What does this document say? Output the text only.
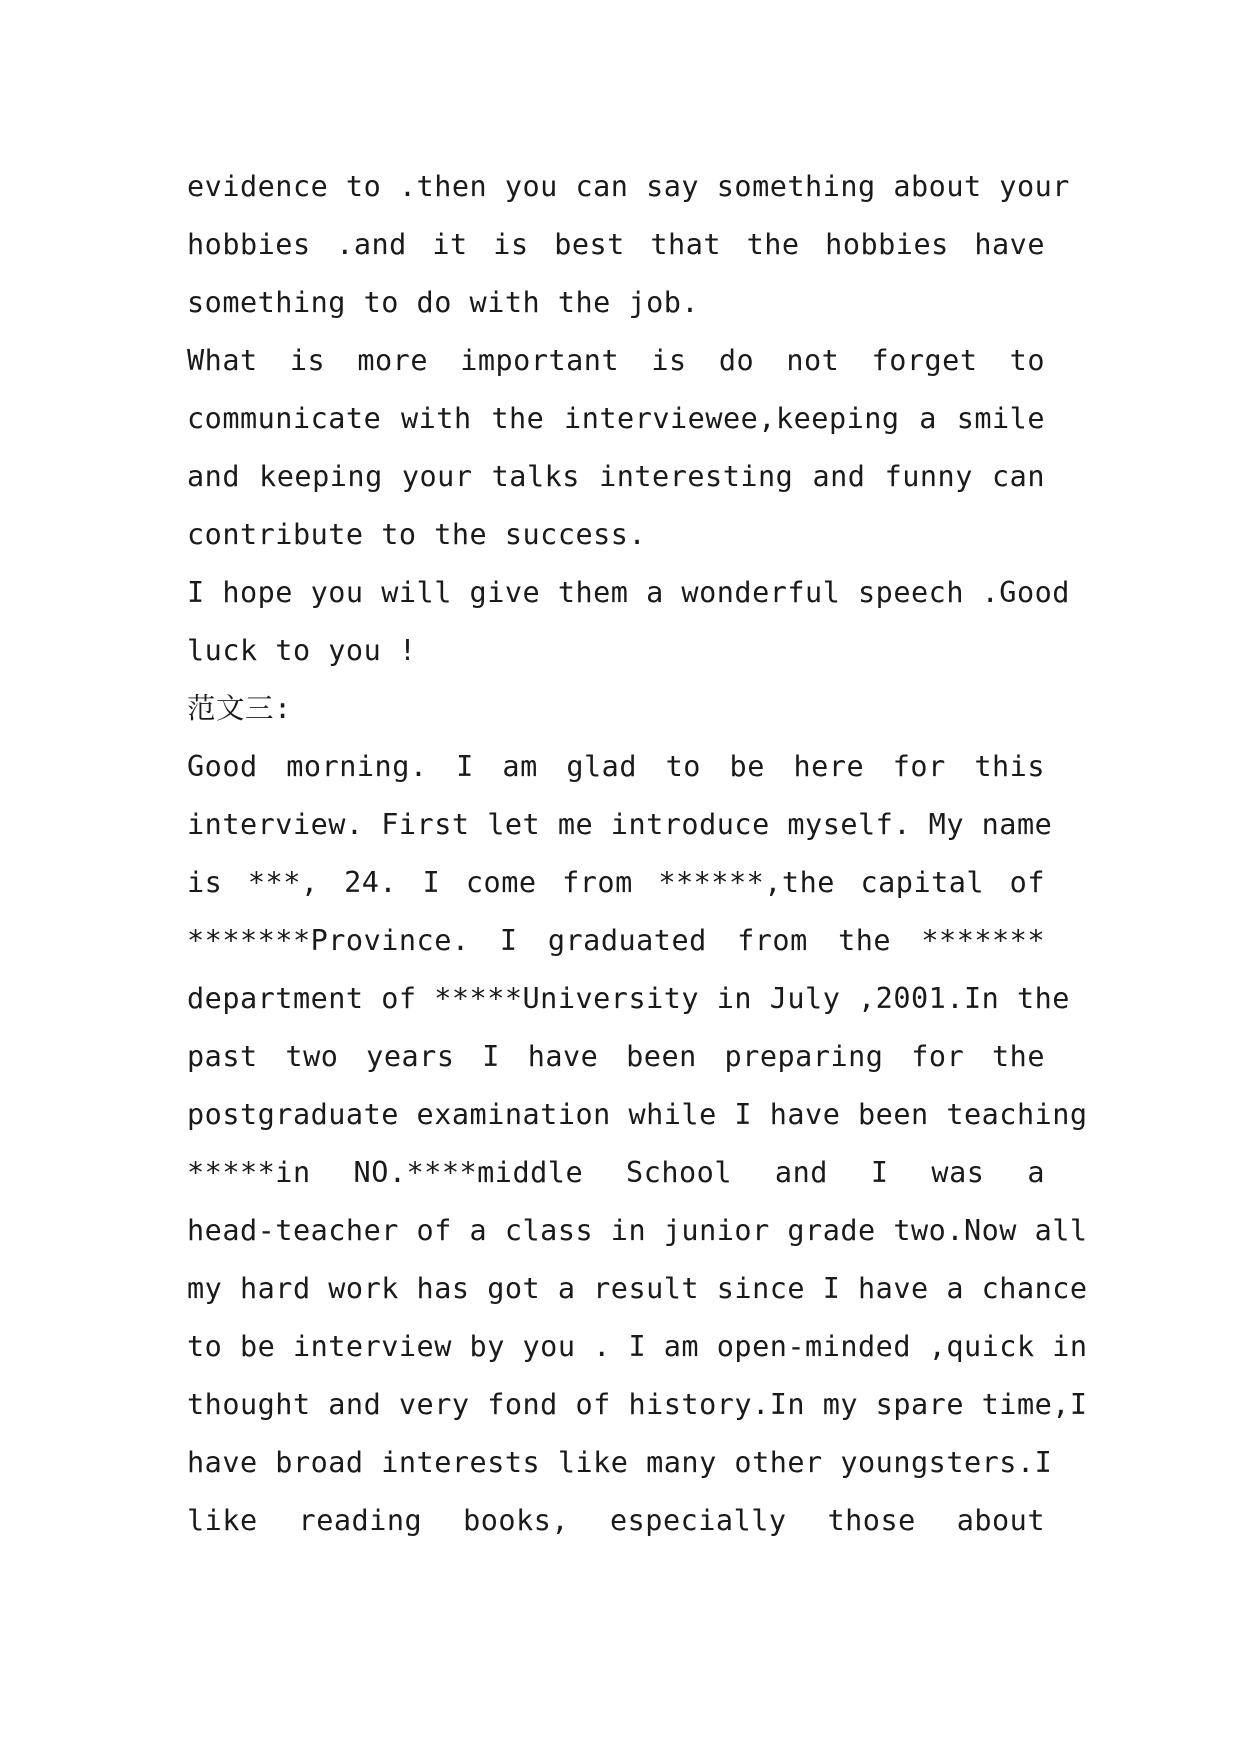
evidence to .then you can say something about your
hobbies .and it is best that the hobbies have
something to do with the job.
What is more important is do not forget to
communicate with the interviewee,keeping a smile
and keeping your talks interesting and funny can
contribute to the success.
I hope you will give them a wonderful speech .Good
luck to you !
范文三:
Good morning. I am glad to be here for this
interview. First let me introduce myself. My name
is ***, 24. I come from ******,the capital of
*******Province. I graduated from the *******
department of *****University in July ,2001.In the
past two years I have been preparing for the
postgraduate examination while I have been teaching
*****in NO.****middle School and I was a
head-teacher of a class in junior grade two.Now all
my hard work has got a result since I have a chance
to be interview by you . I am open-minded ,quick in
thought and very fond of history.In my spare time,I
have broad interests like many other youngsters.I
like reading books, especially those about
